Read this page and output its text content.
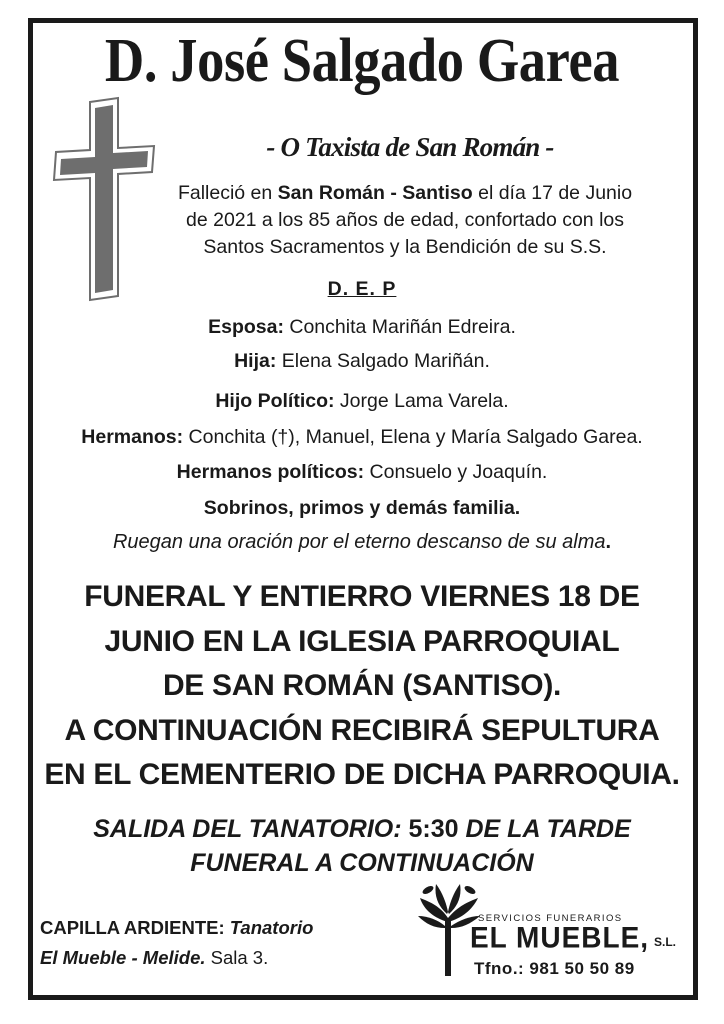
D. José Salgado Garea
- O Taxista de San Román -

Falleció en San Román - Santiso el día 17 de Junio

de 2021 a los 85 años de edad, confortado con los

Santos Sacramentos y la Bendición de su S.S.

D. E. P
Esposa: Conchita Mariñán Edreira.
Hija: Elena Salgado Mariñán.
Hijo Político: Jorge Lama Varela.
Hermanos: Conchita (†), Manuel, Elena y María Salgado Garea.
Hermanos políticos: Consuelo y Joaquín.
Sobrinos, primos y demás familia.
Ruegan una oración por el eterno descanso de su alma.

FUNERAL Y ENTIERRO VIERNES 18 DE

JUNIO EN LA IGLESIA PARROQUIAL

DE SAN ROMÁN (SANTISO).

A CONTINUACIÓN RECIBIRÁ SEPULTURA

EN EL CEMENTERIO DE DICHA PARROQUIA.

SALIDA DEL TANATORIO: 5:30 DE LA TARDE

FUNERAL A CONTINUACIÓN

CAPILLA ARDIENTE: Tanatorio

El Mueble - Melide. Sala 3.

SERVICIOS FUNERARIOS
EL MUEBLE, S.L.
Tfno.: 981 50 50 89
